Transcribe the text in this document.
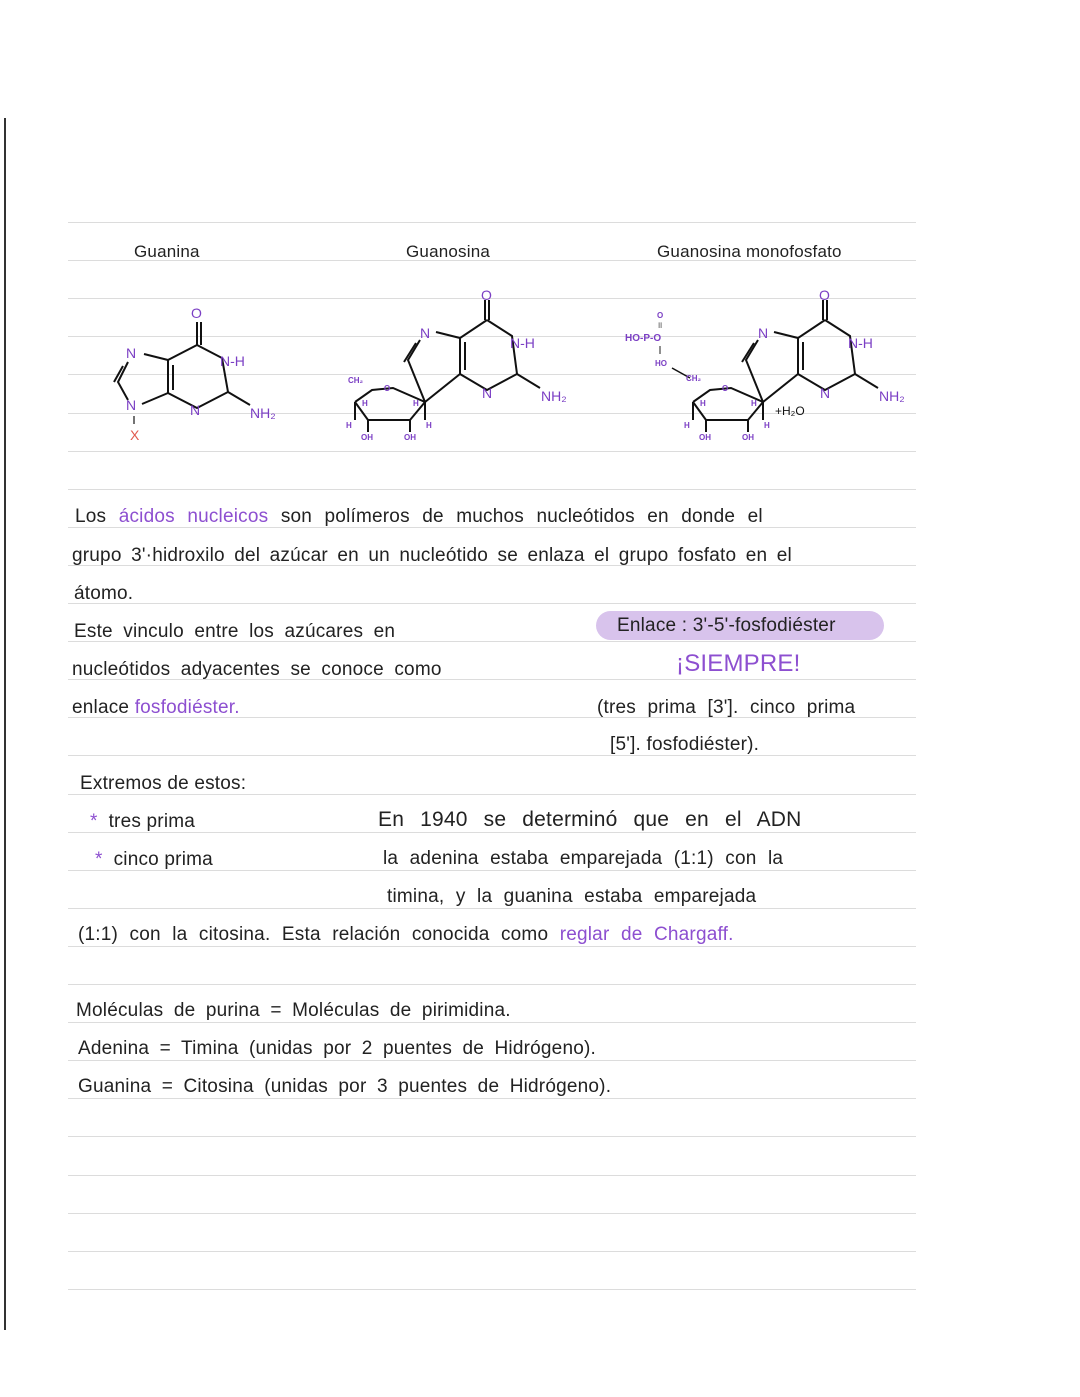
O
N	N-H
N	N	NH₂
X
O
N
N-H
N	NH₂
CH₂
O
H	H
H	H
OH	OH
O
N
N-H
N	NH₂
O
॥
HO-P-O
HO
CH₂
O
H	H
H	H
OH	OH
+H₂O
Guanina	Guanosina	Guanosina monofosfato
Los ácidos nucleicos son polímeros de muchos nucleótidos en donde el
grupo 3'·hidroxilo del azúcar en un nucleótido se enlaza el grupo fosfato en el
átomo.
Este vinculo entre los azúcares en
nucleótidos adyacentes se conoce como
enlace fosfodiéster.
Enlace : 3'-5'-fosfodiéster
¡SIEMPRE!
(tres prima [3']. cinco prima
[5']. fosfodiéster).
Extremos de estos:
* tres prima
* cinco prima
En 1940 se determinó que en el ADN
la adenina estaba emparejada (1:1) con la
timina, y la guanina estaba emparejada
(1:1) con la citosina. Esta relación conocida como reglar de Chargaff.
Moléculas de purina = Moléculas de pirimidina.
Adenina = Timina (unidas por 2 puentes de Hidrógeno).
Guanina = Citosina (unidas por 3 puentes de Hidrógeno).
